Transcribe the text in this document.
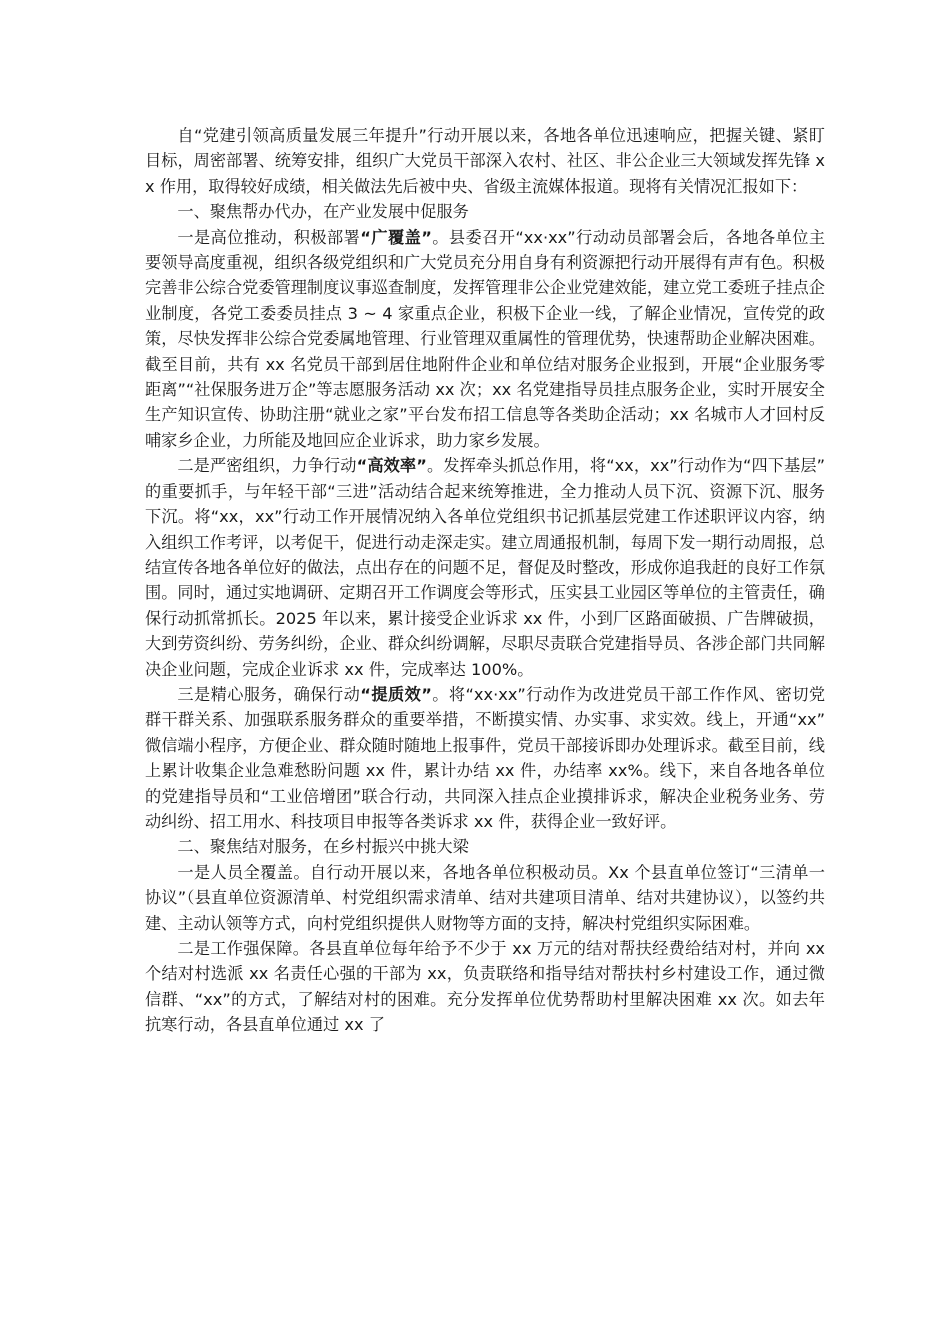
自“党建引领高质量发展三年提升”行动开展以来，各地各单位迅速响应，把握关键、紧盯目标，周密部署、统筹安排，组织广大党员干部深入农村、社区、非公企业三大领域发挥先锋 xx 作用，取得较好成绩，相关做法先后被中央、省级主流媒体报道。现将有关情况汇报如下：

一、聚焦帮办代办，在产业发展中促服务

一是高位推动，积极部署“广覆盖”。县委召开“xx·xx”行动动员部署会后，各地各单位主要领导高度重视，组织各级党组织和广大党员充分用自身有利资源把行动开展得有声有色。积极完善非公综合党委管理制度议事巡查制度，发挥管理非公企业党建效能，建立党工委班子挂点企业制度，各党工委委员挂点 3 ~ 4 家重点企业，积极下企业一线，了解企业情况，宣传党的政策，尽快发挥非公综合党委属地管理、行业管理双重属性的管理优势，快速帮助企业解决困难。截至目前，共有 xx 名党员干部到居住地附件企业和单位结对服务企业报到，开展“企业服务零距离”“社保服务进万企”等志愿服务活动 xx 次；xx 名党建指导员挂点服务企业，实时开展安全生产知识宣传、协助注册“就业之家”平台发布招工信息等各类助企活动；xx 名城市人才回村反哺家乡企业，力所能及地回应企业诉求，助力家乡发展。

二是严密组织，力争行动“高效率”。发挥牵头抓总作用，将“xx，xx”行动作为“四下基层”的重要抓手，与年轻干部“三进”活动结合起来统筹推进，全力推动人员下沉、资源下沉、服务下沉。将“xx，xx”行动工作开展情况纳入各单位党组织书记抓基层党建工作述职评议内容，纳入组织工作考评，以考促干，促进行动走深走实。建立周通报机制，每周下发一期行动周报，总结宣传各地各单位好的做法，点出存在的问题不足，督促及时整改，形成你追我赶的良好工作氛围。同时，通过实地调研、定期召开工作调度会等形式，压实县工业园区等单位的主管责任，确保行动抓常抓长。2025 年以来，累计接受企业诉求 xx 件，小到厂区路面破损、广告牌破损，大到劳资纠纷、劳务纠纷，企业、群众纠纷调解，尽职尽责联合党建指导员、各涉企部门共同解决企业问题，完成企业诉求 xx 件，完成率达 100%。

三是精心服务，确保行动“提质效”。将“xx·xx”行动作为改进党员干部工作作风、密切党群干群关系、加强联系服务群众的重要举措，不断摸实情、办实事、求实效。线上，开通“xx”微信端小程序，方便企业、群众随时随地上报事件，党员干部接诉即办处理诉求。截至目前，线上累计收集企业急难愁盼问题 xx 件，累计办结 xx 件，办结率 xx%。线下，来自各地各单位的党建指导员和“工业倍增团”联合行动，共同深入挂点企业摸排诉求，解决企业税务业务、劳动纠纷、招工用水、科技项目申报等各类诉求 xx 件，获得企业一致好评。

二、聚焦结对服务，在乡村振兴中挑大梁

一是人员全覆盖。自行动开展以来，各地各单位积极动员。Xx 个县直单位签订“三清单一协议”（县直单位资源清单、村党组织需求清单、结对共建项目清单、结对共建协议），以签约共建、主动认领等方式，向村党组织提供人财物等方面的支持，解决村党组织实际困难。

二是工作强保障。各县直单位每年给予不少于 xx 万元的结对帮扶经费给结对村，并向 xx 个结对村选派 xx 名责任心强的干部为 xx，负责联络和指导结对帮扶村乡村建设工作，通过微信群、“xx”的方式，了解结对村的困难。充分发挥单位优势帮助村里解决困难 xx 次。如去年抗寒行动，各县直单位通过 xx 了
